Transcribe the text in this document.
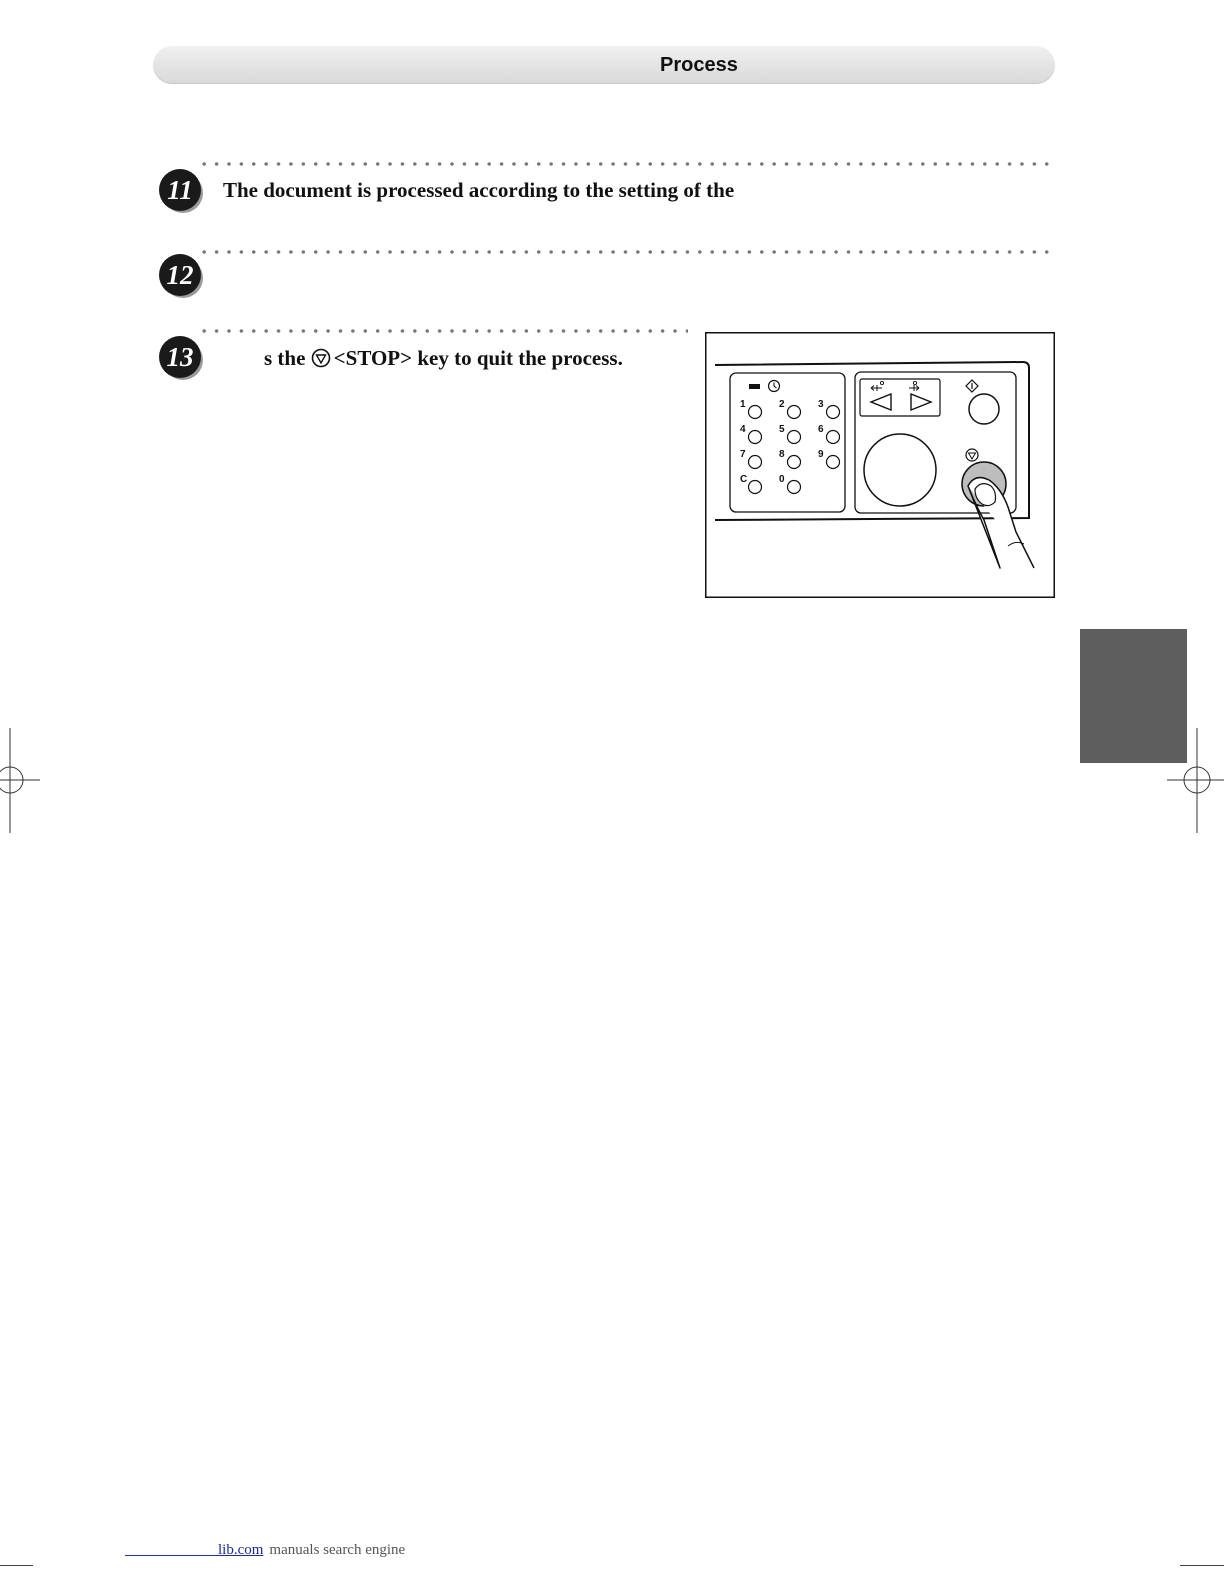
Process
11 The document is processed according to the setting of the
12
13	s the <STOP> key to quit the process.
1	2	3
4	5	6
7	8	9
C	0
lib.com manuals search engine
